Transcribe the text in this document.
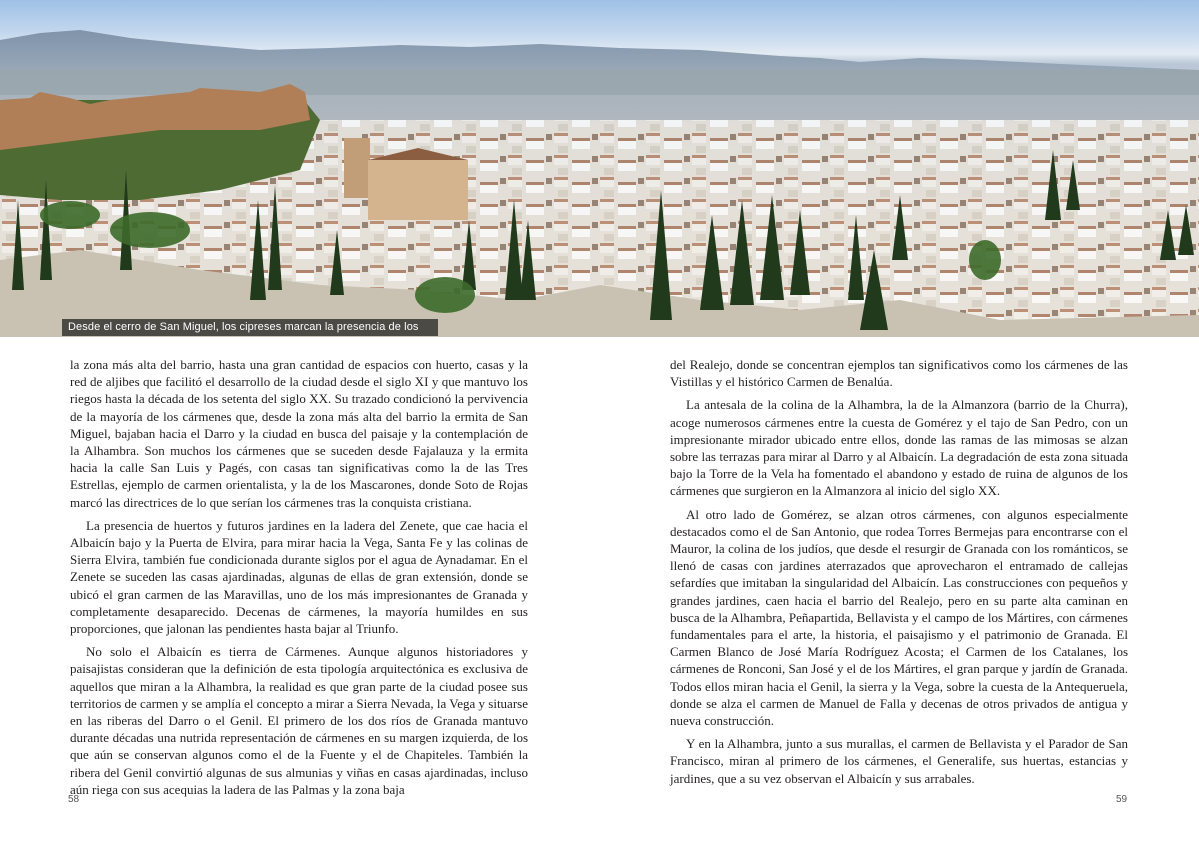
Desde el cerro de San Miguel, los cipreses marcan la presencia de los cármenes

la zona más alta del barrio, hasta una gran cantidad de espacios con huerto, casas y la red de aljibes que facilitó el desarrollo de la ciudad desde el siglo XI y que mantuvo los riegos hasta la década de los setenta del siglo XX. Su trazado condicionó la pervivencia de la mayoría de los cármenes que, desde la zona más alta del barrio la ermita de San Miguel, bajaban hacia el Darro y la ciudad en busca del paisaje y la contemplación de la Alhambra. Son muchos los cármenes que se suceden desde Fajalauza y la ermita hacia la calle San Luis y Pagés, con casas tan significativas como la de las Tres Estrellas, ejemplo de carmen orientalista, y la de los Mascarones, donde Soto de Rojas marcó las directrices de lo que serían los cármenes tras la conquista cristiana.

La presencia de huertos y futuros jardines en la ladera del Zenete, que cae hacia el Albaicín bajo y la Puerta de Elvira, para mirar hacia la Vega, Santa Fe y las colinas de Sierra Elvira, también fue condicionada durante siglos por el agua de Aynadamar. En el Zenete se suceden las casas ajardinadas, algunas de ellas de gran extensión, donde se ubicó el gran carmen de las Maravillas, uno de los más impresionantes de Granada y completamente desaparecido. Decenas de cármenes, la mayoría humildes en sus proporciones, que jalonan las pendientes hasta bajar al Triunfo.

No solo el Albaicín es tierra de Cármenes. Aunque algunos historiadores y paisajistas consideran que la definición de esta tipología arquitectónica es exclusiva de aquellos que miran a la Alhambra, la realidad es que gran parte de la ciudad posee sus territorios de carmen y se amplía el concepto a mirar a Sierra Nevada, la Vega y situarse en las riberas del Darro o el Genil. El primero de los dos ríos de Granada mantuvo durante décadas una nutrida representación de cármenes en su margen izquierda, de los que aún se conservan algunos como el de la Fuente y el de Chapiteles. También la ribera del Genil convirtió algunas de sus almunias y viñas en casas ajardinadas, incluso aún riega con sus acequias la ladera de las Palmas y la zona baja

del Realejo, donde se concentran ejemplos tan significativos como los cármenes de las Vistillas y el histórico Carmen de Benalúa.

La antesala de la colina de la Alhambra, la de la Almanzora (barrio de la Churra), acoge numerosos cármenes entre la cuesta de Gomérez y el tajo de San Pedro, con un impresionante mirador ubicado entre ellos, donde las ramas de las mimosas se alzan sobre las terrazas para mirar al Darro y al Albaicín. La degradación de esta zona situada bajo la Torre de la Vela ha fomentado el abandono y estado de ruina de algunos de los cármenes que surgieron en la Almanzora al inicio del siglo XX.

Al otro lado de Gomérez, se alzan otros cármenes, con algunos especialmente destacados como el de San Antonio, que rodea Torres Bermejas para encontrarse con el Mauror, la colina de los judíos, que desde el resurgir de Granada con los románticos, se llenó de casas con jardines aterrazados que aprovecharon el entramado de callejas sefardíes que imitaban la singularidad del Albaicín. Las construcciones con pequeños y grandes jardines, caen hacia el barrio del Realejo, pero en su parte alta caminan en busca de la Alhambra, Peñapartida, Bellavista y el campo de los Mártires, con cármenes fundamentales para el arte, la historia, el paisajismo y el patrimonio de Granada. El Carmen Blanco de José María Rodríguez Acosta; el Carmen de los Catalanes, los cármenes de Ronconi, San José y el de los Mártires, el gran parque y jardín de Granada. Todos ellos miran hacia el Genil, la sierra y la Vega, sobre la cuesta de la Antequeruela, donde se alza el carmen de Manuel de Falla y decenas de otros privados de antigua y nueva construcción.

Y en la Alhambra, junto a sus murallas, el carmen de Bellavista y el Parador de San Francisco, miran al primero de los cármenes, el Generalife, sus huertas, estancias y jardines, que a su vez observan el Albaicín y sus arrabales.

58	59
